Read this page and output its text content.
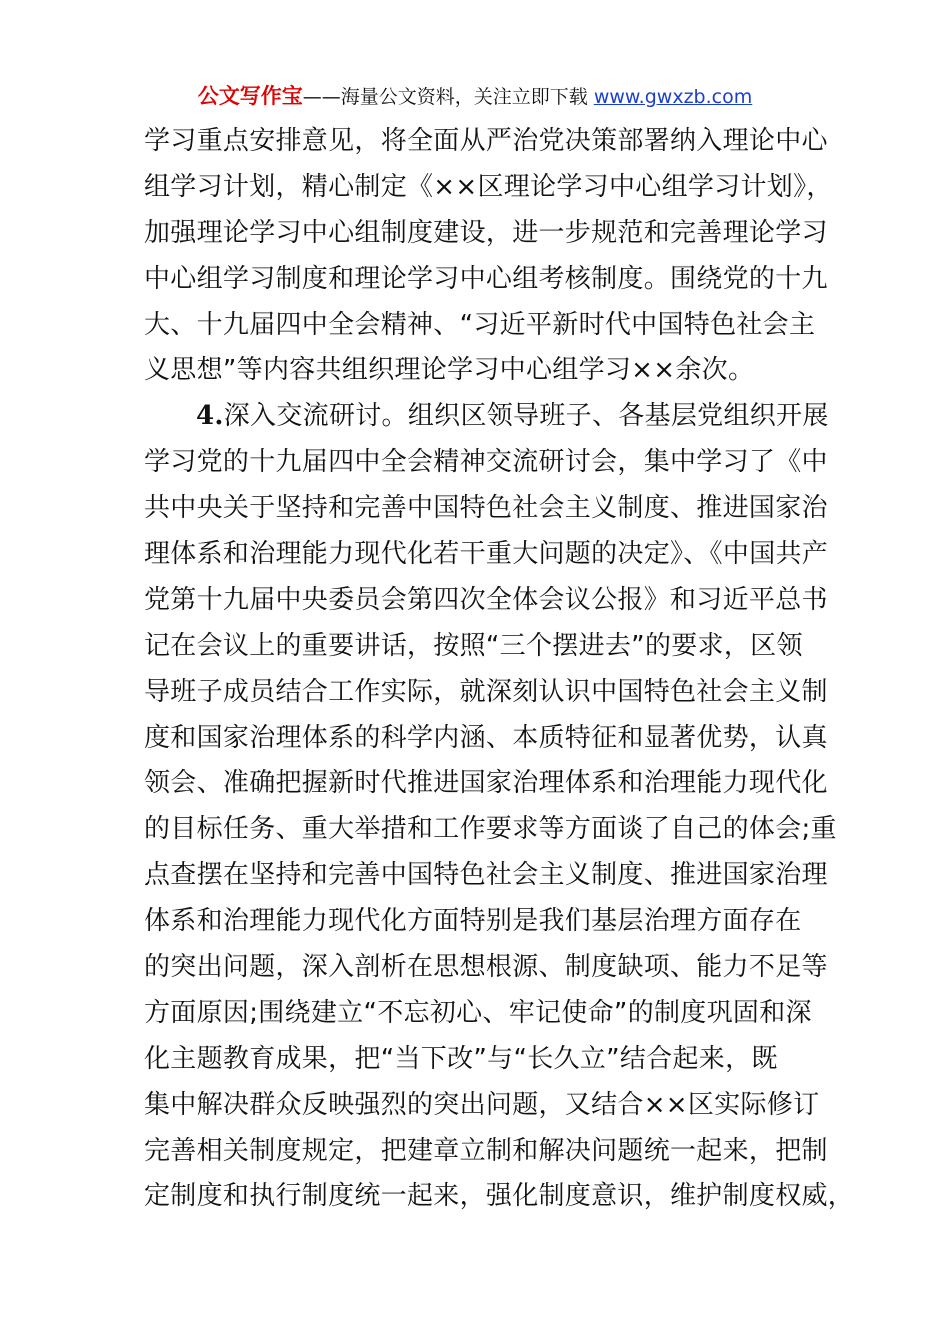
公文写作宝——海量公文资料，关注立即下载 www.gwxzb.com
学习重点安排意见，将全面从严治党决策部署纳入理论中心
组学习计划，精心制定《××区理论学习中心组学习计划》，
加强理论学习中心组制度建设，进一步规范和完善理论学习
中心组学习制度和理论学习中心组考核制度。围绕党的十九
大、十九届四中全会精神、“习近平新时代中国特色社会主
义思想”等内容共组织理论学习中心组学习××余次。
4.深入交流研讨。组织区领导班子、各基层党组织开展
学习党的十九届四中全会精神交流研讨会，集中学习了《中
共中央关于坚持和完善中国特色社会主义制度、推进国家治
理体系和治理能力现代化若干重大问题的决定》、《中国共产
党第十九届中央委员会第四次全体会议公报》和习近平总书
记在会议上的重要讲话，按照“三个摆进去”的要求，区领
导班子成员结合工作实际，就深刻认识中国特色社会主义制
度和国家治理体系的科学内涵、本质特征和显著优势，认真
领会、准确把握新时代推进国家治理体系和治理能力现代化
的目标任务、重大举措和工作要求等方面谈了自己的体会;重
点查摆在坚持和完善中国特色社会主义制度、推进国家治理
体系和治理能力现代化方面特别是我们基层治理方面存在
的突出问题，深入剖析在思想根源、制度缺项、能力不足等
方面原因;围绕建立“不忘初心、牢记使命”的制度巩固和深
化主题教育成果，把“当下改”与“长久立”结合起来，既
集中解决群众反映强烈的突出问题，又结合××区实际修订
完善相关制度规定，把建章立制和解决问题统一起来，把制
定制度和执行制度统一起来，强化制度意识，维护制度权威，
